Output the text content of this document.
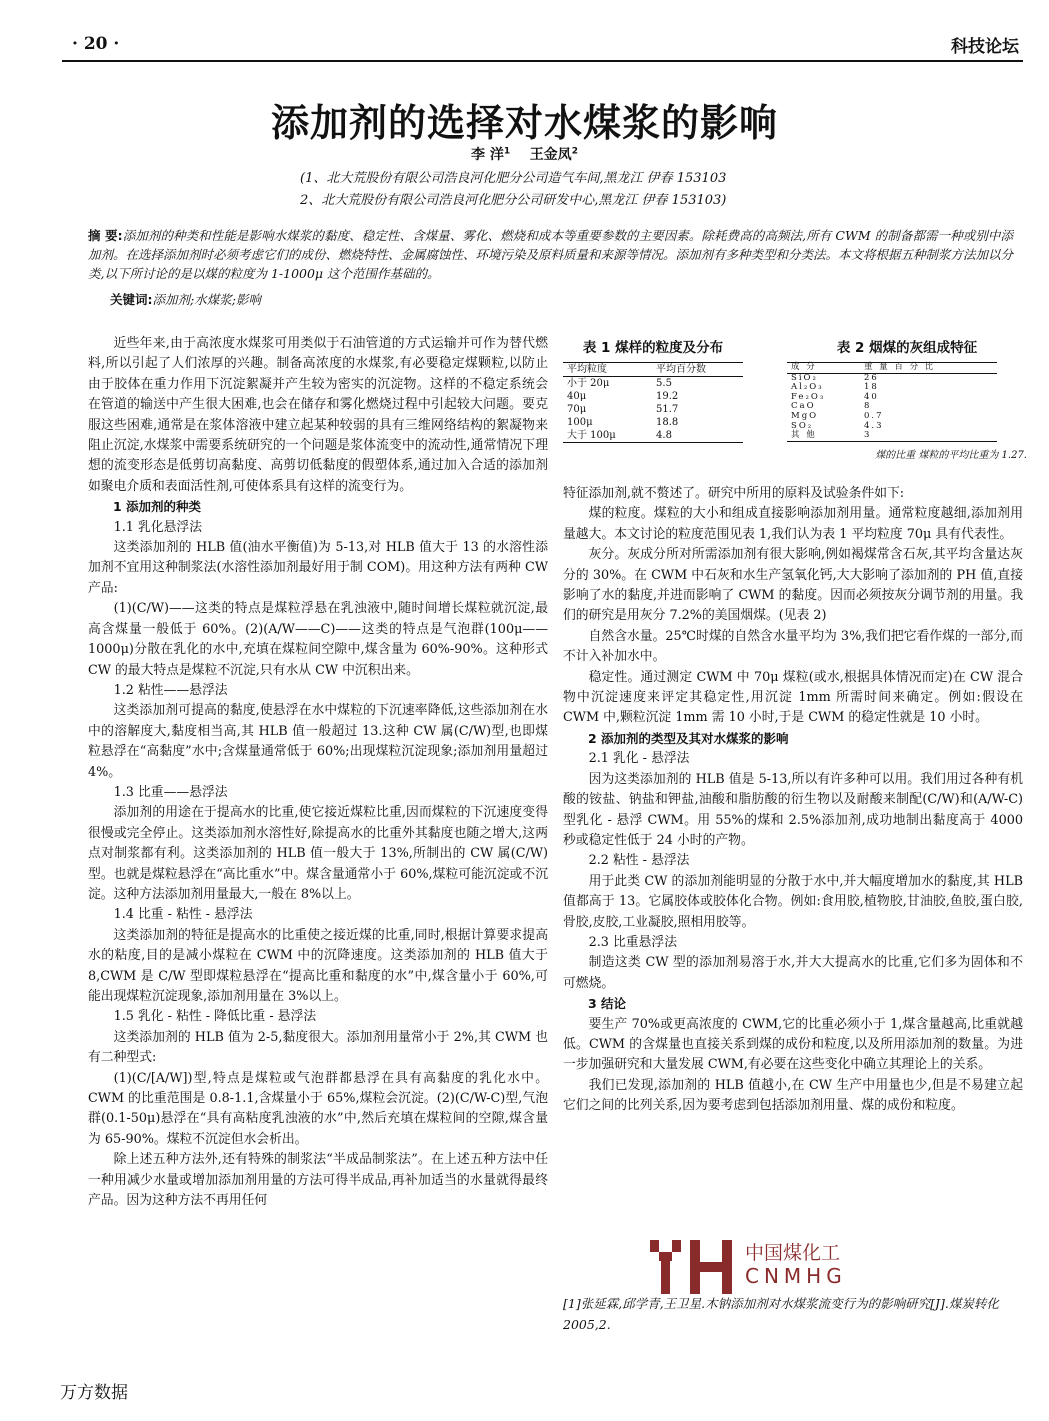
· 20 ·	科技论坛
添加剂的选择对水煤浆的影响
李 洋$^1$ 王金凤$^2$
(1、北大荒股份有限公司浩良河化肥分公司造气车间,黑龙江 伊春 153103
2、北大荒股份有限公司浩良河化肥分公司研发中心,黑龙江 伊春 153103)
摘 要:添加剂的种类和性能是影响水煤浆的黏度、稳定性、含煤量、雾化、燃烧和成本等重要参数的主要因素。除耗费高的高频法,所有 CWM 的制备都需一种或别中添加剂。在选择添加剂时必须考虑它们的成份、燃烧特性、金属腐蚀性、环境污染及原料质量和来源等情况。添加剂有多种类型和分类法。本文将根据五种制浆方法加以分类,以下所讨论的是以煤的粒度为 1-1000μ 这个范围作基础的。
关键词:添加剂;水煤浆;影响

近些年来,由于高浓度水煤浆可用类似于石油管道的方式运输并可作为替代燃料,所以引起了人们浓厚的兴趣。制备高浓度的水煤浆,有必要稳定煤颗粒,以防止由于胶体在重力作用下沉淀絮凝并产生较为密实的沉淀物。这样的不稳定系统会在管道的输送中产生很大困难,也会在储存和雾化燃烧过程中引起较大问题。要克服这些困难,通常是在浆体溶液中建立起某种较弱的具有三维网络结构的絮凝物来阻止沉淀,水煤浆中需要系统研究的一个问题是浆体流变中的流动性,通常情况下理想的流变形态是低剪切高黏度、高剪切低黏度的假塑体系,通过加入合适的添加剂如聚电介质和表面活性剂,可使体系具有这样的流变行为。

1 添加剂的种类

1.1 乳化悬浮法

这类添加剂的 HLB 值(油水平衡值)为 5-13,对 HLB 值大于 13 的水溶性添加剂不宜用这种制浆法(水溶性添加剂最好用于制 COM)。用这种方法有两种 CW 产品:

(1)(C/W)——这类的特点是煤粒浮悬在乳浊液中,随时间增长煤粒就沉淀,最高含煤量一般低于 60%。(2)(A/W——C)——这类的特点是气泡群(100μ——1000μ)分散在乳化的水中,充填在煤粒间空隙中,煤含量为 60%-90%。这种形式 CW 的最大特点是煤粒不沉淀,只有水从 CW 中沉积出来。

1.2 粘性——悬浮法

这类添加剂可提高的黏度,使悬浮在水中煤粒的下沉速率降低,这些添加剂在水中的溶解度大,黏度相当高,其 HLB 值一般超过 13.这种 CW 属(C/W)型,也即煤粒悬浮在“高黏度”水中;含煤量通常低于 60%;出现煤粒沉淀现象;添加剂用量超过 4%。

1.3 比重——悬浮法

添加剂的用途在于提高水的比重,使它接近煤粒比重,因而煤粒的下沉速度变得很慢或完全停止。这类添加剂水溶性好,除提高水的比重外其黏度也随之增大,这两点对制浆都有利。这类添加剂的 HLB 值一般大于 13%,所制出的 CW 属(C/W)型。也就是煤粒悬浮在“高比重水”中。煤含量通常小于 60%,煤粒可能沉淀或不沉淀。这种方法添加剂用量最大,一般在 8%以上。

1.4 比重 - 粘性 - 悬浮法

这类添加剂的特征是提高水的比重使之接近煤的比重,同时,根据计算要求提高水的粘度,目的是减小煤粒在 CWM 中的沉降速度。这类添加剂的 HLB 值大于 8,CWM 是 C/W 型即煤粒悬浮在“提高比重和黏度的水”中,煤含量小于 60%,可能出现煤粒沉淀现象,添加剂用量在 3%以上。

1.5 乳化 - 粘性 - 降低比重 - 悬浮法

这类添加剂的 HLB 值为 2-5,黏度很大。添加剂用量常小于 2%,其 CWM 也有二种型式:

(1)(C/[A/W])型,特点是煤粒或气泡群都悬浮在具有高黏度的乳化水中。CWM 的比重范围是 0.8-1.1,含煤量小于 65%,煤粒会沉淀。(2)(C/W-C)型,气泡群(0.1-50μ)悬浮在“具有高粘度乳浊液的水”中,然后充填在煤粒间的空隙,煤含量为 65-90%。煤粒不沉淀但水会析出。

除上述五种方法外,还有特殊的制浆法“半成品制浆法”。在上述五种方法中任一种用减少水量或增加添加剂用量的方法可得半成品,再补加适当的水量就得最终产品。因为这种方法不再用任何

表 1 煤样的粒度及分布
平均粒度	平均百分数
小于 20μ	5.5
40μ	19.2
70μ	51.7
100μ	18.8
大于 100μ	4.8
表 2 烟煤的灰组成特征
成 分	重 量 百 分 比
SiO₂	26
Al₂O₃	18
Fe₂O₃	40
CaO	8
MgO	0.7
SO₂	4.3
其 他	3
煤的比重 煤粒的平均比重为 1.27.

特征添加剂,就不赘述了。研究中所用的原料及试验条件如下:

煤的粒度。煤粒的大小和组成直接影响添加剂用量。通常粒度越细,添加剂用量越大。本文讨论的粒度范围见表 1,我们认为表 1 平均粒度 70μ 具有代表性。

灰分。灰成分所对所需添加剂有很大影响,例如褐煤常含石灰,其平均含量达灰分的 30%。在 CWM 中石灰和水生产氢氧化钙,大大影响了添加剂的 PH 值,直接影响了水的黏度,并进而影响了 CWM 的黏度。因而必须按灰分调节剂的用量。我们的研究是用灰分 7.2%的美国烟煤。(见表 2)

自然含水量。25℃时煤的自然含水量平均为 3%,我们把它看作煤的一部分,而不计入补加水中。

稳定性。通过测定 CWM 中 70μ 煤粒(或水,根据具体情况而定)在 CW 混合物中沉淀速度来评定其稳定性,用沉淀 1mm 所需时间来确定。例如:假设在 CWM 中,颗粒沉淀 1mm 需 10 小时,于是 CWM 的稳定性就是 10 小时。

2 添加剂的类型及其对水煤浆的影响

2.1 乳化 - 悬浮法

因为这类添加剂的 HLB 值是 5-13,所以有许多种可以用。我们用过各种有机酸的铵盐、钠盐和钾盐,油酸和脂肪酸的衍生物以及耐酸来制配(C/W)和(A/W-C)型乳化 - 悬浮 CWM。用 55%的煤和 2.5%添加剂,成功地制出黏度高于 4000 秒或稳定性低于 24 小时的产物。

2.2 粘性 - 悬浮法

用于此类 CW 的添加剂能明显的分散于水中,并大幅度增加水的黏度,其 HLB 值都高于 13。它属胶体或胶体化合物。例如:食用胶,植物胶,甘油胶,鱼胶,蛋白胶,骨胶,皮胶,工业凝胶,照相用胶等。

2.3 比重悬浮法

制造这类 CW 型的添加剂易溶于水,并大大提高水的比重,它们多为固体和不可燃烧。

3 结论

要生产 70%或更高浓度的 CWM,它的比重必须小于 1,煤含量越高,比重就越低。CWM 的含煤量也直接关系到煤的成份和粒度,以及所用添加剂的数量。为进一步加强研究和大量发展 CWM,有必要在这些变化中确立其理论上的关系。

我们已发现,添加剂的 HLB 值越小,在 CW 生产中用量也少,但是不易建立起它们之间的比列关系,因为要考虑到包括添加剂用量、煤的成份和粒度。

中国煤化工
CNMHG
[1]张延霖,邱学青,王卫星.木钠添加剂对水煤浆流变行为的影响研究[J].煤炭转化 2005,2.
万方数据
